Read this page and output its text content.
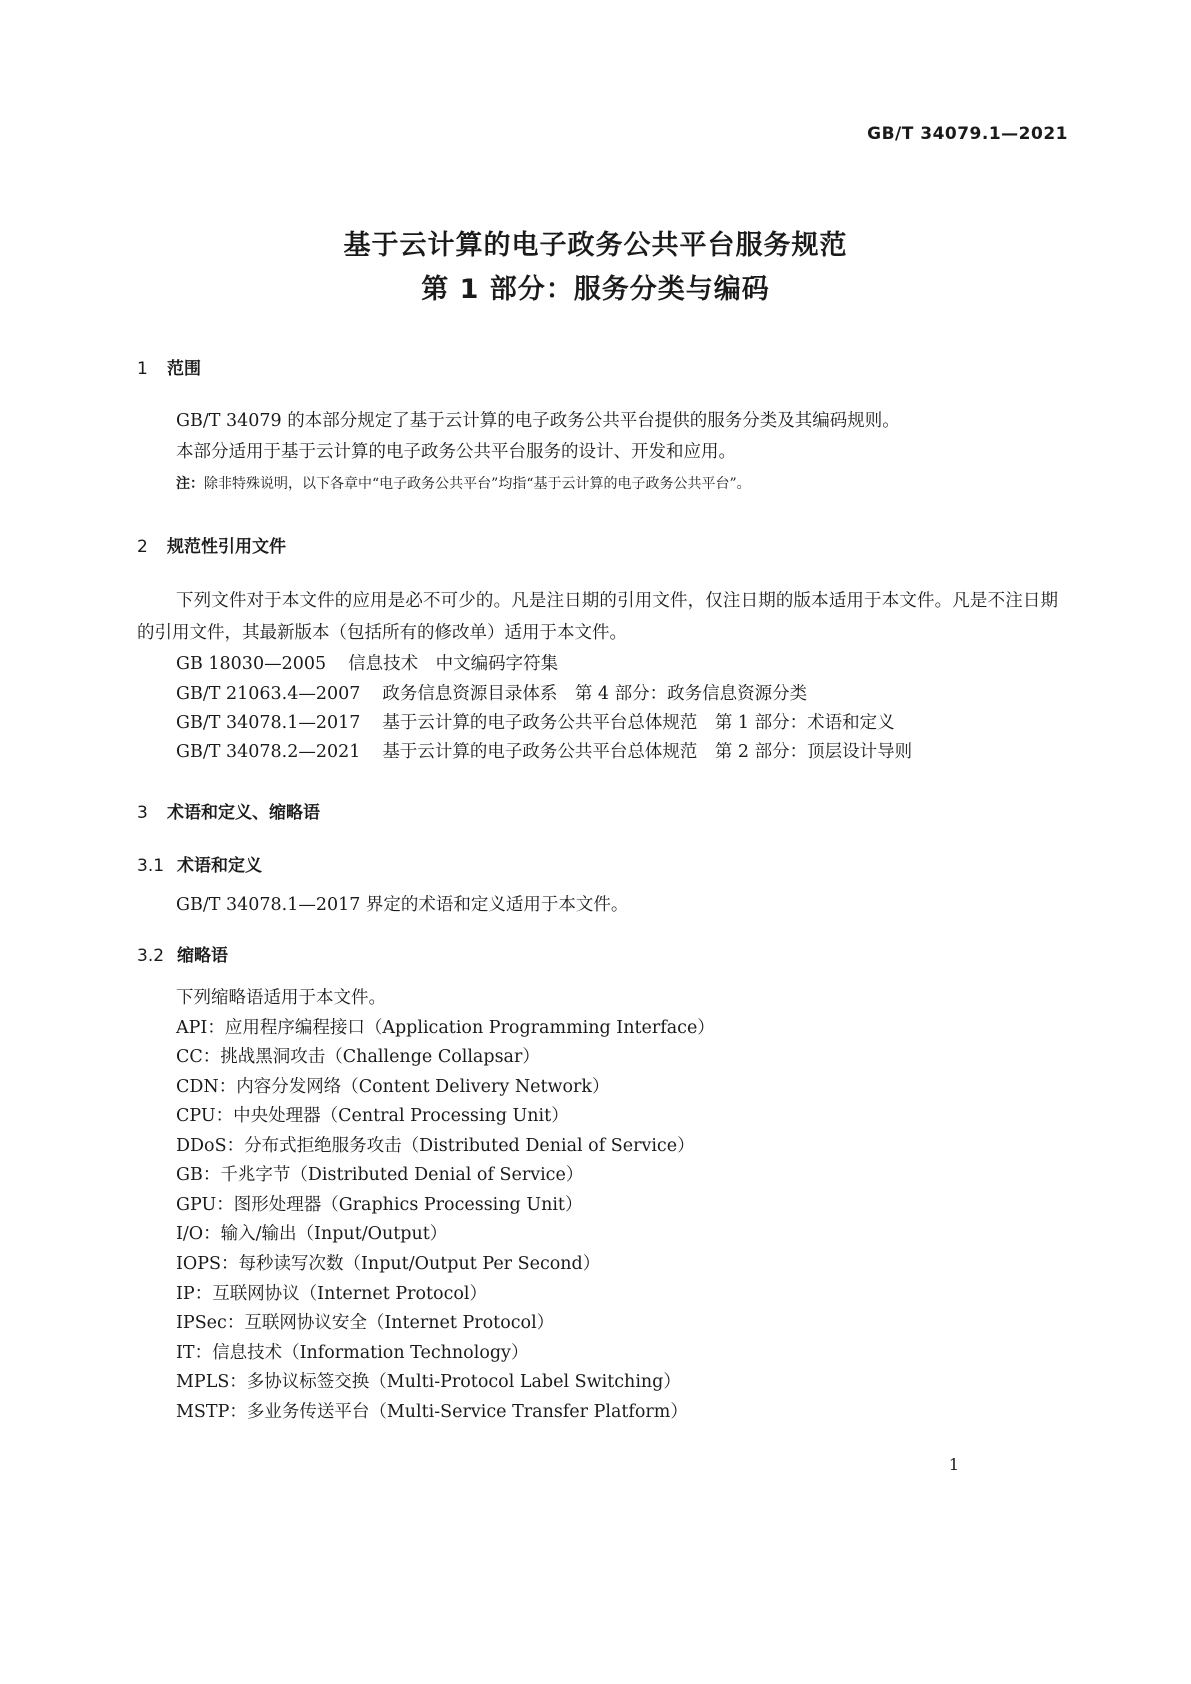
GB/T 34079.1—2021
基于云计算的电子政务公共平台服务规范
第 1 部分：服务分类与编码
1 范围
GB/T 34079 的本部分规定了基于云计算的电子政务公共平台提供的服务分类及其编码规则。
本部分适用于基于云计算的电子政务公共平台服务的设计、开发和应用。
注：除非特殊说明，以下各章中“电子政务公共平台”均指“基于云计算的电子政务公共平台”。
2 规范性引用文件
下列文件对于本文件的应用是必不可少的。凡是注日期的引用文件，仅注日期的版本适用于本文件。凡是不注日期的引用文件，其最新版本（包括所有的修改单）适用于本文件。
GB 18030—2005 信息技术　中文编码字符集
GB/T 21063.4—2007 政务信息资源目录体系　第 4 部分：政务信息资源分类
GB/T 34078.1—2017 基于云计算的电子政务公共平台总体规范　第 1 部分：术语和定义
GB/T 34078.2—2021 基于云计算的电子政务公共平台总体规范　第 2 部分：顶层设计导则
3 术语和定义、缩略语
3.1 术语和定义
GB/T 34078.1—2017 界定的术语和定义适用于本文件。
3.2 缩略语
下列缩略语适用于本文件。
API：应用程序编程接口（Application Programming Interface）
CC：挑战黑洞攻击（Challenge Collapsar）
CDN：内容分发网络（Content Delivery Network）
CPU：中央处理器（Central Processing Unit）
DDoS：分布式拒绝服务攻击（Distributed Denial of Service）
GB：千兆字节（Distributed Denial of Service）
GPU：图形处理器（Graphics Processing Unit）
I/O：输入/输出（Input/Output）
IOPS：每秒读写次数（Input/Output Per Second）
IP：互联网协议（Internet Protocol）
IPSec：互联网协议安全（Internet Protocol）
IT：信息技术（Information Technology）
MPLS：多协议标签交换（Multi-Protocol Label Switching）
MSTP：多业务传送平台（Multi-Service Transfer Platform）
1
